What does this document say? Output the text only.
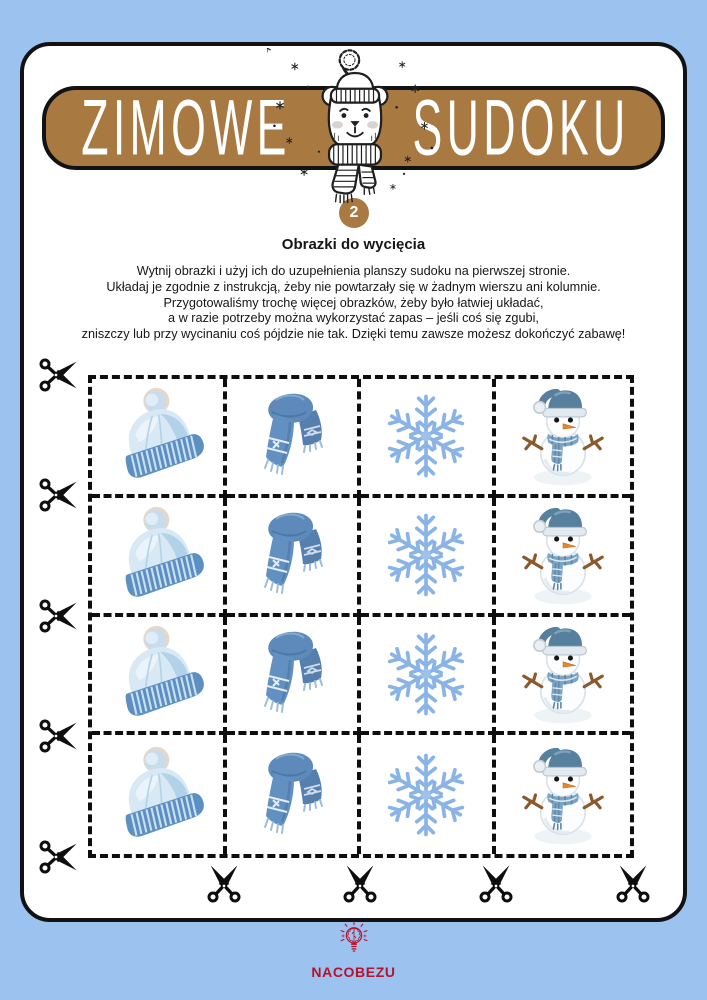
ZIMOWE SUDOKU
2
Obrazki do wycięcia
Wytnij obrazki i użyj ich do uzupełnienia planszy sudoku na pierwszej stronie.
Układaj je zgodnie z instrukcją, żeby nie powtarzały się w żadnym wierszu ani kolumnie.
Przygotowaliśmy trochę więcej obrazków, żeby było łatwiej układać,
a w razie potrzeby można wykorzystać zapas – jeśli coś się zgubi,
zniszczy lub przy wycinaniu coś pójdzie nie tak. Dzięki temu zawsze możesz dokończyć zabawę!
NACOBEZU
